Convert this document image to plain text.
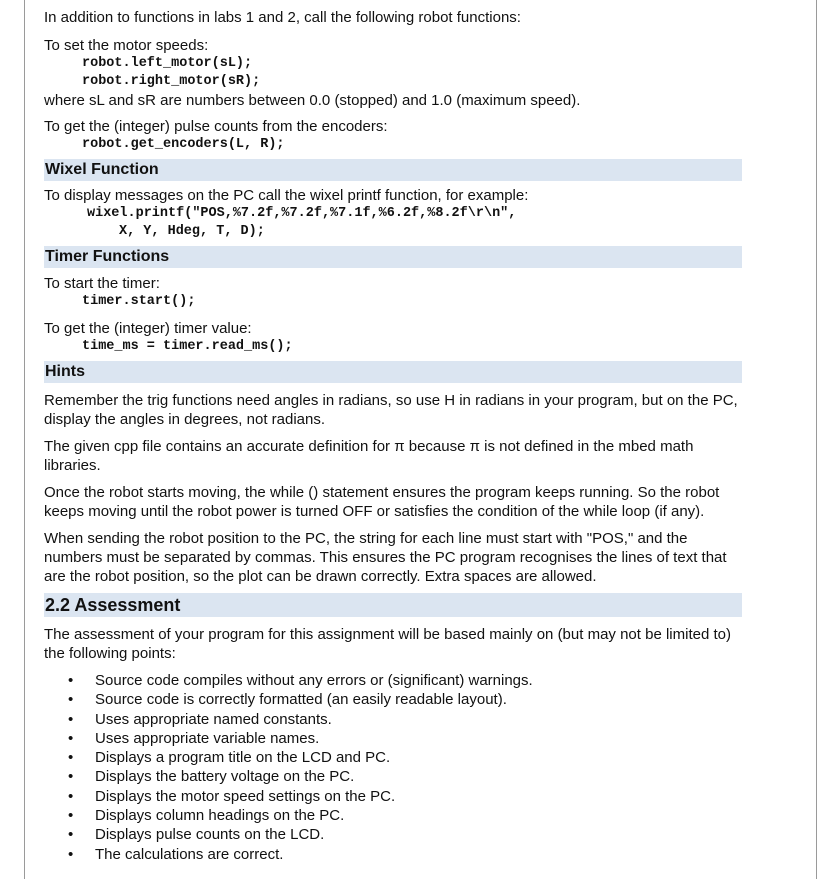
In addition to functions in labs 1 and 2, call the following robot functions:

To set the motor speeds:

robot.left_motor(sL);
robot.right_motor(sR);

where sL and sR are numbers between 0.0 (stopped) and 1.0 (maximum speed).

To get the (integer) pulse counts from the encoders:

robot.get_encoders(L, R);
Wixel Function

To display messages on the PC call the wixel printf function, for example:

wixel.printf("POS,%7.2f,%7.2f,%7.1f,%6.2f,%8.2f\r\n",
X, Y, Hdeg, T, D);
Timer Functions

To start the timer:

timer.start();

To get the (integer) timer value:

time_ms = timer.read_ms();
Hints

Remember the trig functions need angles in radians, so use H in radians in your program, but on the PC, display the angles in degrees, not radians.

The given cpp file contains an accurate definition for π because π is not defined in the mbed math libraries.

Once the robot starts moving, the while () statement ensures the program keeps running. So the robot keeps moving until the robot power is turned OFF or satisfies the condition of the while loop (if any).

When sending the robot position to the PC, the string for each line must start with "POS," and the numbers must be separated by commas. This ensures the PC program recognises the lines of text that are the robot position, so the plot can be drawn correctly. Extra spaces are allowed.

2.2 Assessment

The assessment of your program for this assignment will be based mainly on (but may not be limited to) the following points:

• Source code compiles without any errors or (significant) warnings.
• Source code is correctly formatted (an easily readable layout).
• Uses appropriate named constants.
• Uses appropriate variable names.
• Displays a program title on the LCD and PC.
• Displays the battery voltage on the PC.
• Displays the motor speed settings on the PC.
• Displays column headings on the PC.
• Displays pulse counts on the LCD.
• The calculations are correct.
